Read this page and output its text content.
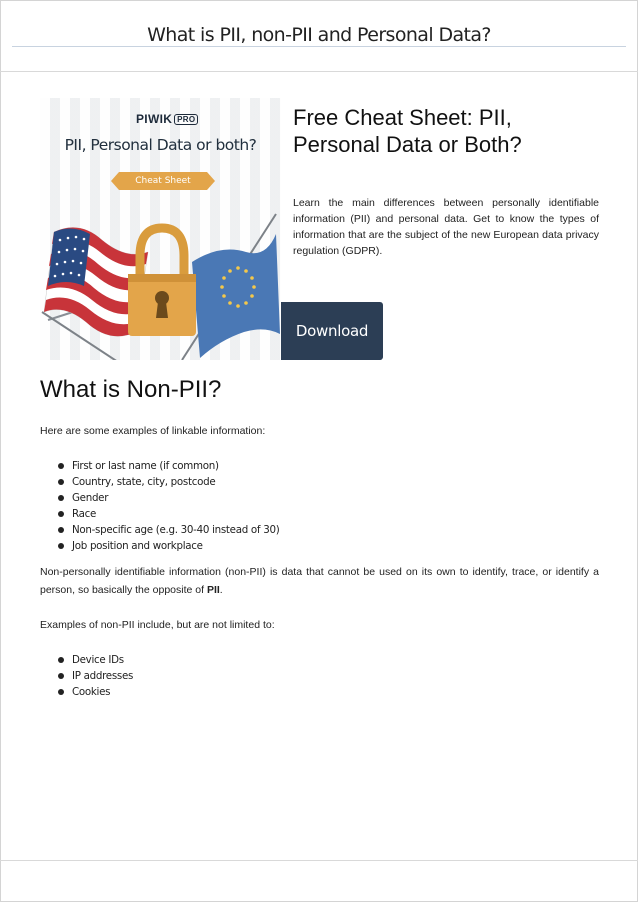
What is PII, non-PII and Personal Data?
PIWIK PRO
PII, Personal Data or both?
Cheat Sheet
Free Cheat Sheet: PII, Personal Data or Both?
Learn the main differences between personally identifiable information (PII) and personal data. Get to know the types of information that are the subject of the new European data privacy regulation (GDPR).
Download
What is Non-PII?

Here are some examples of linkable information:

First or last name (if common)
Country, state, city, postcode
Gender
Race
Non-specific age (e.g. 30-40 instead of 30)
Job position and workplace

Non-personally identifiable information (non-PII) is data that cannot be used on its own to identify, trace, or identify a person, so basically the opposite of PII.

Examples of non-PII include, but are not limited to:

Device IDs
IP addresses
Cookies
